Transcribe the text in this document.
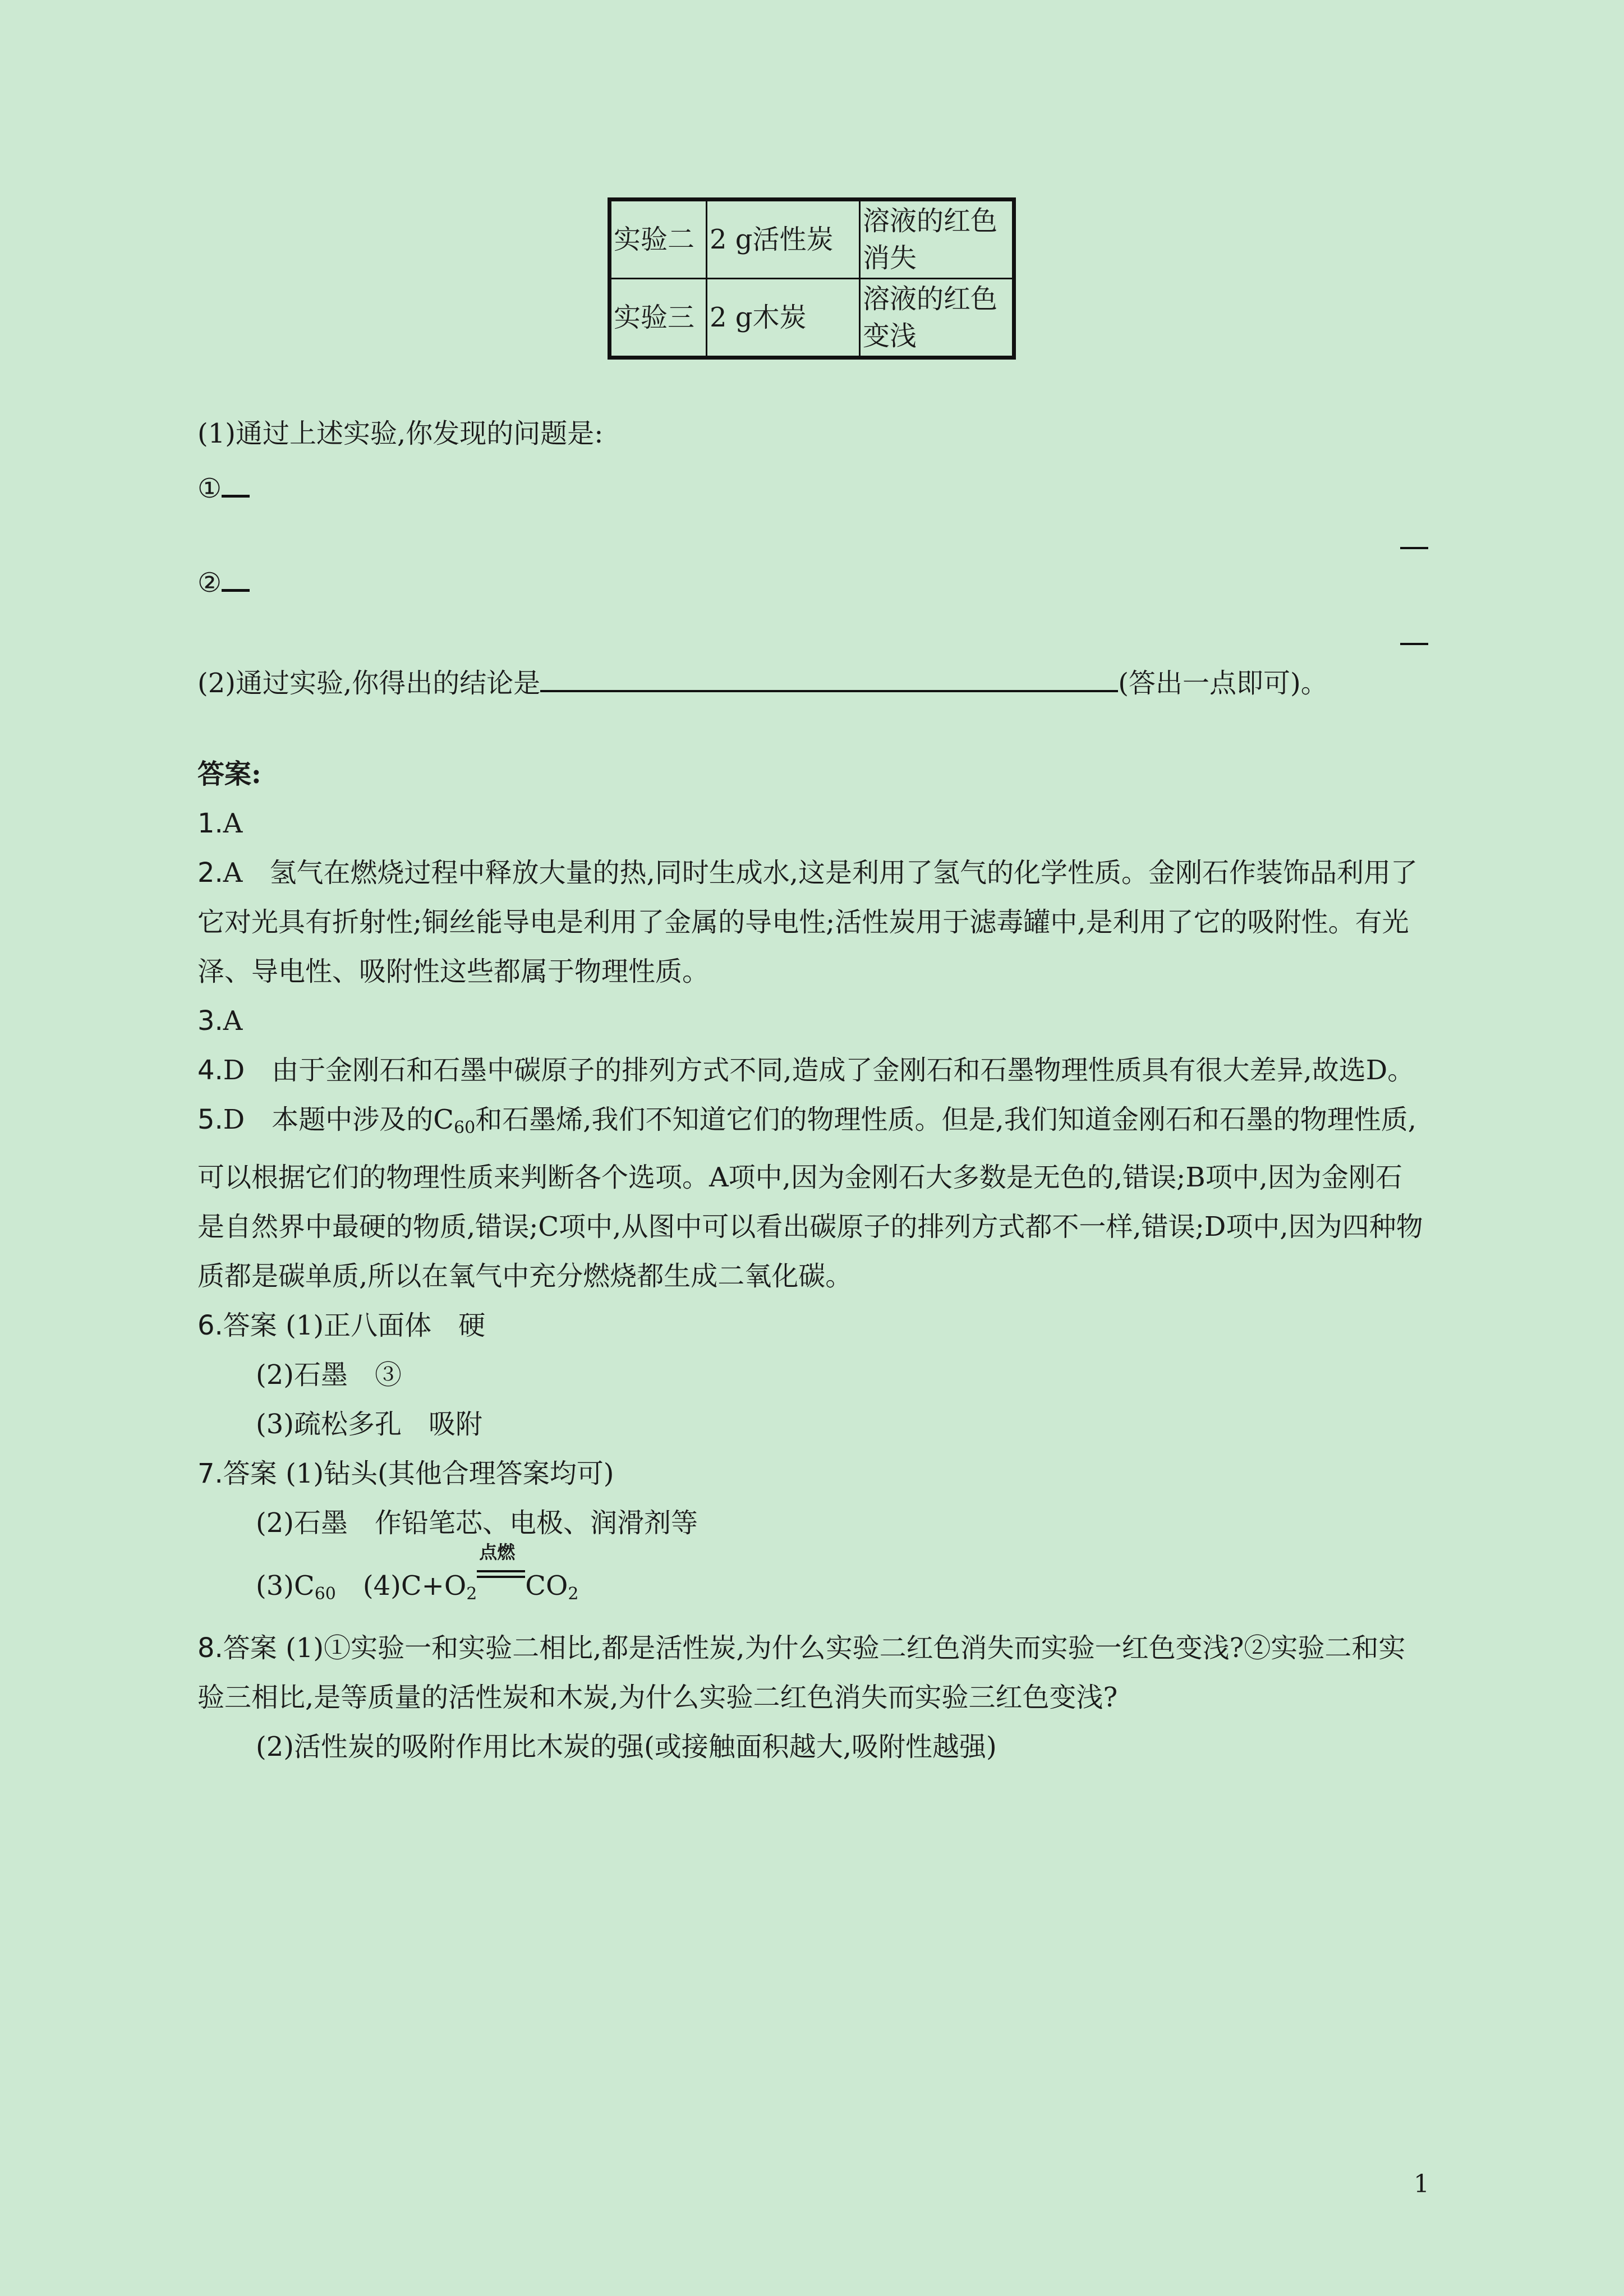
实验二	2 g活性炭	溶液的红色消失
实验三	2 g木炭	溶液的红色变浅
(1)通过上述实验,你发现的问题是:
①
②
(2)通过实验,你得出的结论是	(答出一点即可)。

答案:

1.A

2.A　氢气在燃烧过程中释放大量的热,同时生成水,这是利用了氢气的化学性质。金刚石作装饰品利用了它对光具有折射性;铜丝能导电是利用了金属的导电性;活性炭用于滤毒罐中,是利用了它的吸附性。有光泽、导电性、吸附性这些都属于物理性质。

3.A

4.D　由于金刚石和石墨中碳原子的排列方式不同,造成了金刚石和石墨物理性质具有很大差异,故选D。

5.D　本题中涉及的$C_{60}$和石墨烯,我们不知道它们的物理性质。但是,我们知道金刚石和石墨的物理性质,可以根据它们的物理性质来判断各个选项。A项中,因为金刚石大多数是无色的,错误;B项中,因为金刚石是自然界中最硬的物质,错误;C项中,从图中可以看出碳原子的排列方式都不一样,错误;D项中,因为四种物质都是碳单质,所以在氧气中充分燃烧都生成二氧化碳。

6.答案 (1)正八面体　硬

(2)石墨　③

(3)疏松多孔　吸附

7.答案 (1)钻头(其他合理答案均可)

(2)石墨　作铅笔芯、电极、润滑剂等

$(3)C_{60}$　$(4)C+O_2$
点燃
$CO_2$

8.答案 (1)①实验一和实验二相比,都是活性炭,为什么实验二红色消失而实验一红色变浅?②实验二和实验三相比,是等质量的活性炭和木炭,为什么实验二红色消失而实验三红色变浅?

(2)活性炭的吸附作用比木炭的强(或接触面积越大,吸附性越强)

1
